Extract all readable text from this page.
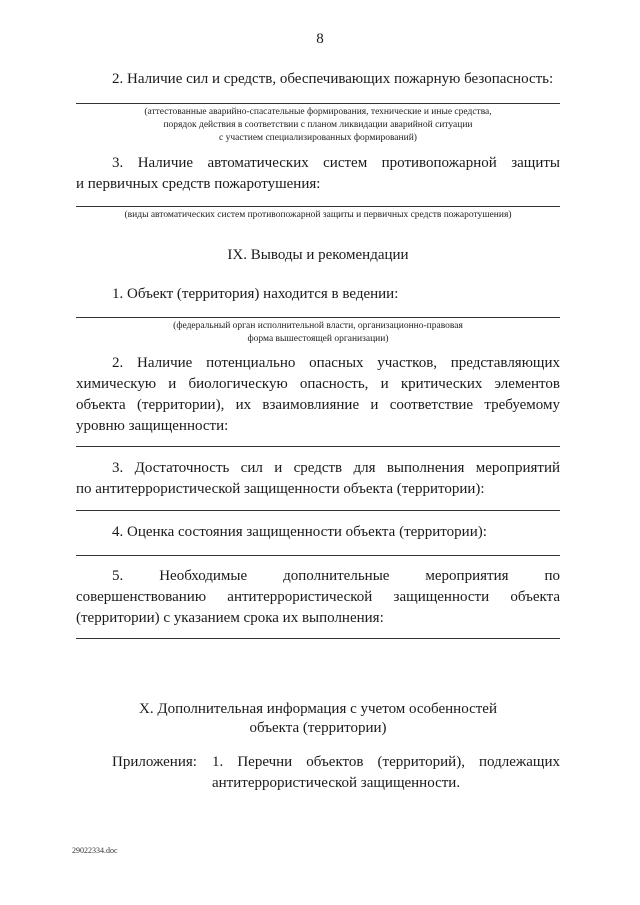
8
2. Наличие сил и средств, обеспечивающих пожарную безопасность:
(аттестованные аварийно-спасательные формирования, технические и иные средства,
порядок действия в соответствии с планом ликвидации аварийной ситуации
с участием специализированных формирований)
3. Наличие автоматических систем противопожарной защиты
и первичных средств пожаротушения:
(виды автоматических систем противопожарной защиты и первичных средств пожаротушения)
IX. Выводы и рекомендации
1. Объект (территория) находится в ведении:
(федеральный орган исполнительной власти, организационно-правовая
форма вышестоящей организации)
2. Наличие потенциально опасных участков, представляющих
химическую и биологическую опасность, и критических элементов
объекта (территории), их взаимовлияние и соответствие требуемому
уровню защищенности:
3. Достаточность сил и средств для выполнения мероприятий
по антитеррористической защищенности объекта (территории):
4. Оценка состояния защищенности объекта (территории):
5. Необходимые дополнительные мероприятия по
совершенствованию антитеррористической защищенности объекта
(территории) с указанием срока их выполнения:
X. Дополнительная информация с учетом особенностей
объекта (территории)
Приложения: 1. Перечни объектов (территорий), подлежащих
антитеррористической защищенности.
29022334.doc
